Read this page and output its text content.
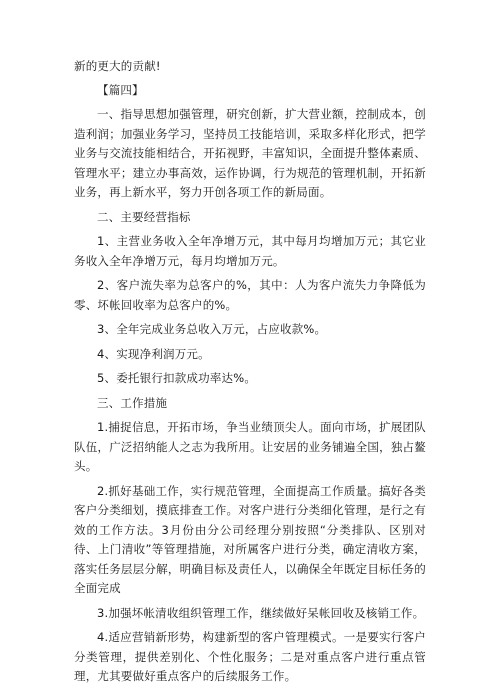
新的更大的贡献!

【篇四】

一、指导思想加强管理，研究创新，扩大营业额，控制成本，创造利润；加强业务学习，坚持员工技能培训，采取多样化形式，把学业务与交流技能相结合，开拓视野，丰富知识，全面提升整体素质、管理水平；建立办事高效，运作协调，行为规范的管理机制，开拓新业务，再上新水平，努力开创各项工作的新局面。

二、主要经营指标

1、主营业务收入全年净增万元，其中每月均增加万元；其它业务收入全年净增万元，每月均增加万元。

2、客户流失率为总客户的%，其中：人为客户流失力争降低为零、坏帐回收率为总客户的%。

3、全年完成业务总收入万元，占应收款%。

4、实现净利润万元。

5、委托银行扣款成功率达%。

三、工作措施

1.捕捉信息，开拓市场，争当业绩顶尖人。面向市场，扩展团队队伍，广泛招纳能人之志为我所用。让安居的业务铺遍全国，独占鳌头。

2.抓好基础工作，实行规范管理，全面提高工作质量。搞好各类客户分类细划，摸底排查工作。对客户进行分类细化管理，是行之有效的工作方法。3月份由分公司经理分别按照“分类排队、区别对待、上门清收”等管理措施，对所属客户进行分类，确定清收方案，落实任务层层分解，明确目标及责任人，以确保全年既定目标任务的全面完成

3.加强坏帐清收组织管理工作，继续做好呆帐回收及核销工作。

4.适应营销新形势，构建新型的客户管理模式。一是要实行客户分类管理，提供差别化、个性化服务；二是对重点客户进行重点管理，尤其要做好重点客户的后续服务工作。
